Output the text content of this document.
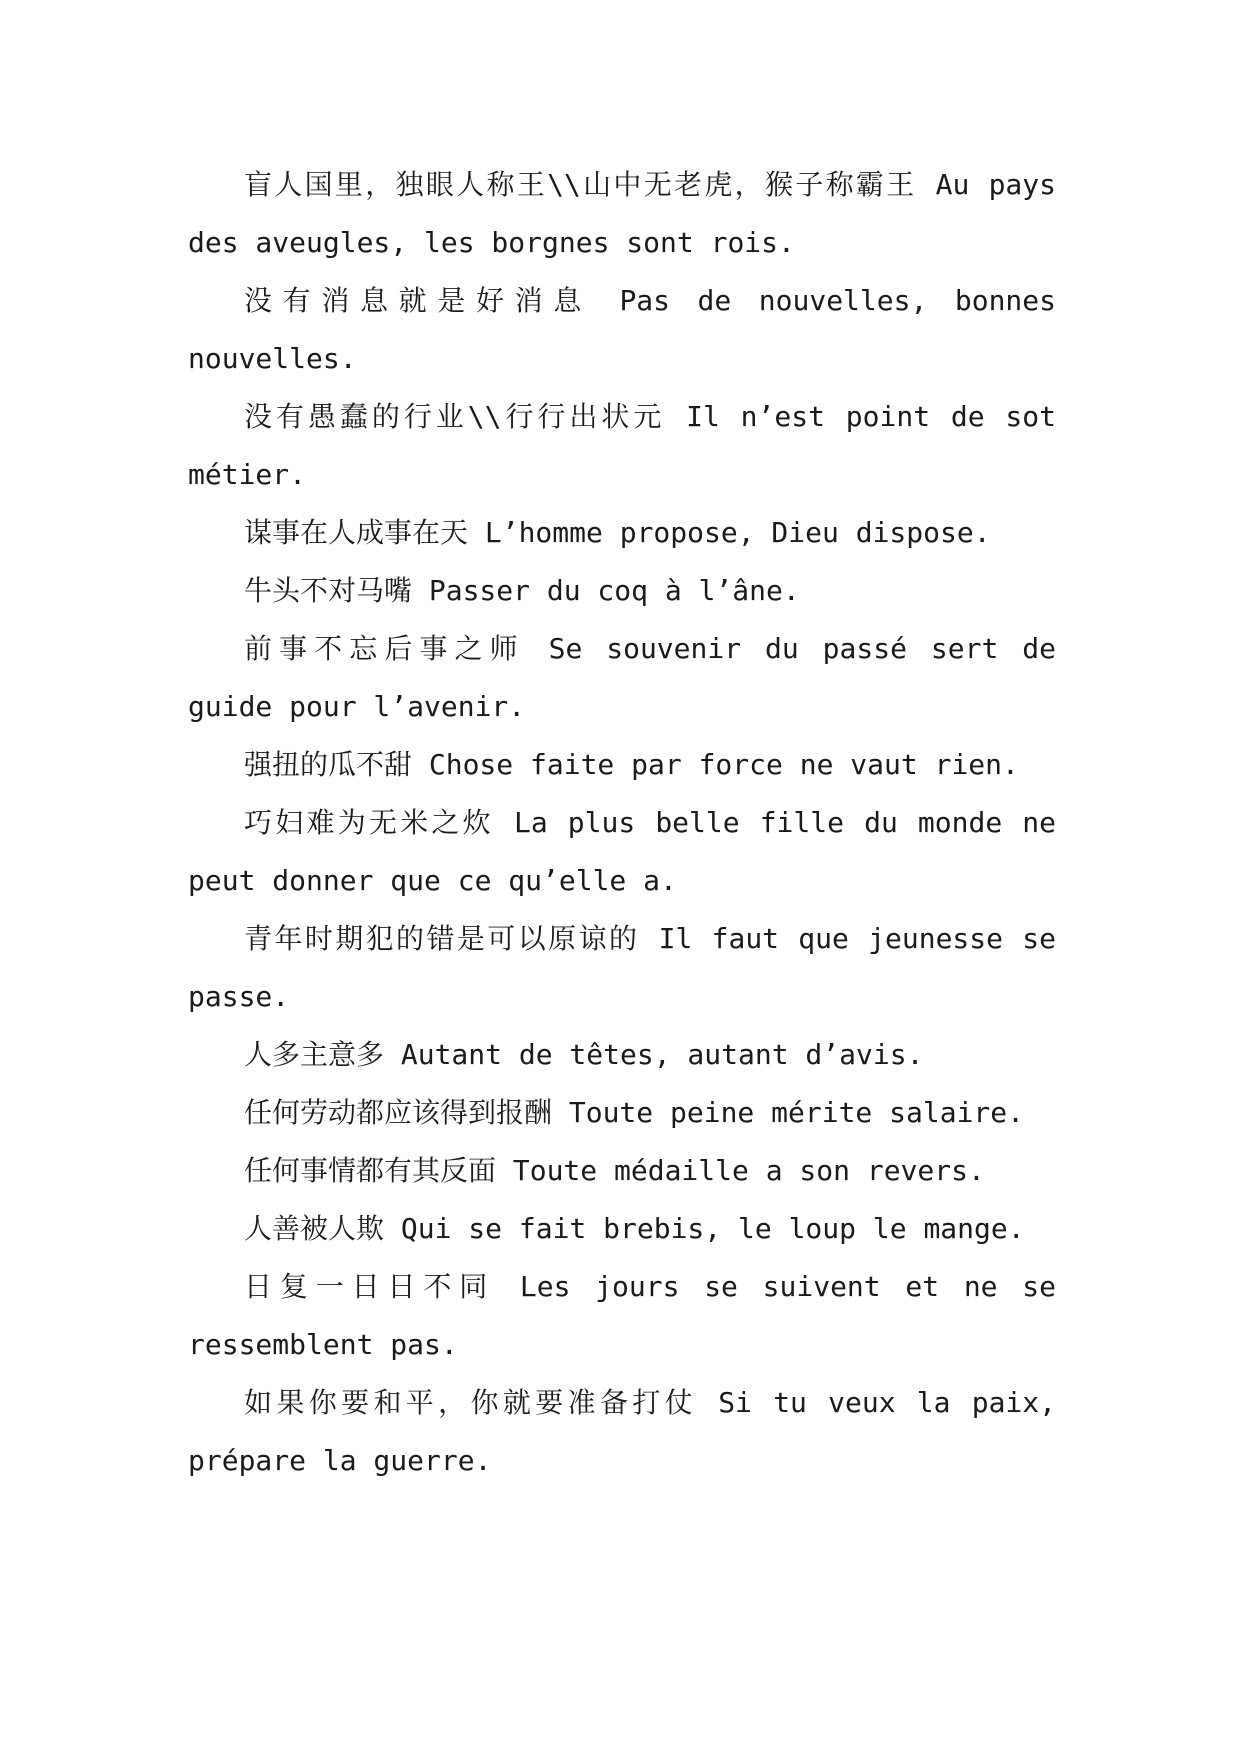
盲人国里，独眼人称王\\山中无老虎，猴子称霸王 Au pays des aveugles, les borgnes sont rois.

没有消息就是好消息 Pas de nouvelles, bonnes nouvelles.

没有愚蠢的行业\\行行出状元 Il n’est point de sot métier.

谋事在人成事在天 L’homme propose, Dieu dispose.

牛头不对马嘴 Passer du coq à l’âne.

前事不忘后事之师 Se souvenir du passé sert de guide pour l’avenir.

强扭的瓜不甜 Chose faite par force ne vaut rien.

巧妇难为无米之炊 La plus belle fille du monde ne peut donner que ce qu’elle a.

青年时期犯的错是可以原谅的 Il faut que jeunesse se passe.

人多主意多 Autant de têtes, autant d’avis.

任何劳动都应该得到报酬 Toute peine mérite salaire.

任何事情都有其反面 Toute médaille a son revers.

人善被人欺 Qui se fait brebis, le loup le mange.

日复一日日不同 Les jours se suivent et ne se ressemblent pas.

如果你要和平，你就要准备打仗 Si tu veux la paix, prépare la guerre.
